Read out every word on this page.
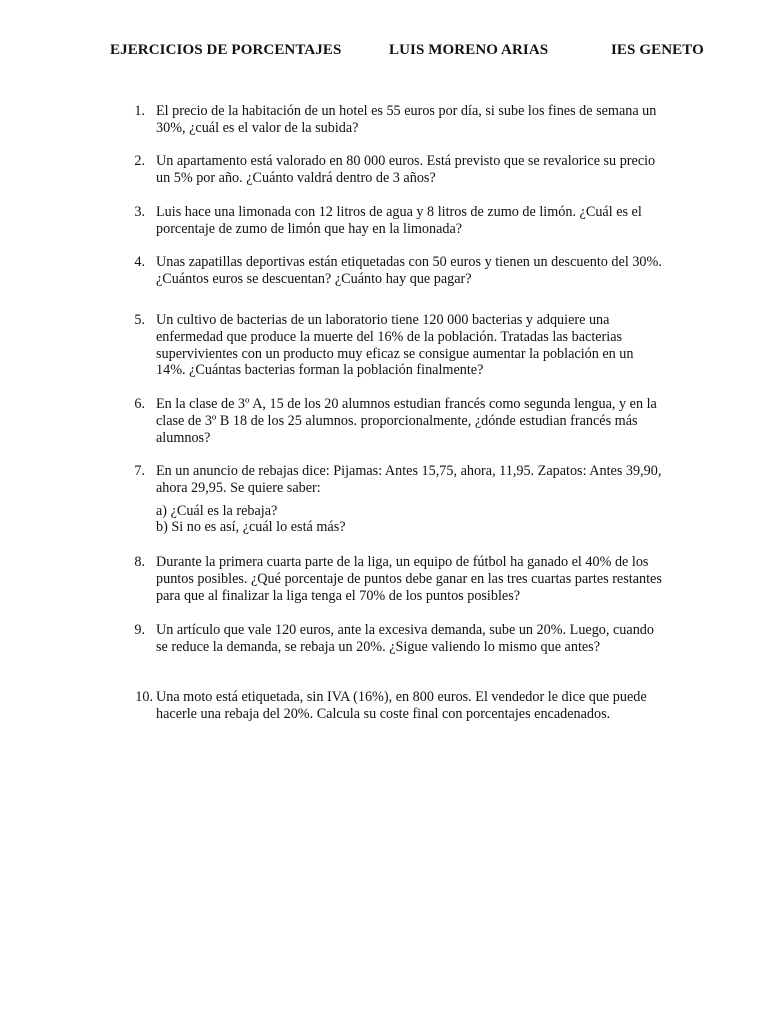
EJERCICIOS DE PORCENTAJES	LUIS MORENO ARIAS	IES GENETO
1. El precio de la habitación de un hotel es 55 euros por día, si sube los fines de semana un 30%, ¿cuál es el valor de la subida?
2. Un apartamento está valorado en 80 000 euros. Está previsto que se revalorice su precio un 5% por año. ¿Cuánto valdrá dentro de 3 años?
3. Luis hace una limonada con 12 litros de agua y 8 litros de zumo de limón. ¿Cuál es el porcentaje de zumo de limón que hay en la limonada?
4. Unas zapatillas deportivas están etiquetadas con 50 euros y tienen un descuento del 30%. ¿Cuántos euros se descuentan? ¿Cuánto hay que pagar?
5. Un cultivo de bacterias de un laboratorio tiene 120 000 bacterias y adquiere una enfermedad que produce la muerte del 16% de la población. Tratadas las bacterias supervivientes con un producto muy eficaz se consigue aumentar la población en un 14%. ¿Cuántas bacterias forman la población finalmente?
6. En la clase de 3º A, 15 de los 20 alumnos estudian francés como segunda lengua, y en la clase de 3º B 18 de los 25 alumnos. proporcionalmente, ¿dónde estudian francés más alumnos?
7. En un anuncio de rebajas dice: Pijamas: Antes 15,75, ahora, 11,95. Zapatos: Antes 39,90, ahora 29,95. Se quiere saber:
a) ¿Cuál es la rebaja?
b) Si no es así, ¿cuál lo está más?
8. Durante la primera cuarta parte de la liga, un equipo de fútbol ha ganado el 40% de los puntos posibles. ¿Qué porcentaje de puntos debe ganar en las tres cuartas partes restantes para que al finalizar la liga tenga el 70% de los puntos posibles?
9. Un artículo que vale 120 euros, ante la excesiva demanda, sube un 20%. Luego, cuando se reduce la demanda, se rebaja un 20%. ¿Sigue valiendo lo mismo que antes?
10. Una moto está etiquetada, sin IVA (16%), en 800 euros. El vendedor le dice que puede hacerle una rebaja del 20%. Calcula su coste final con porcentajes encadenados.
